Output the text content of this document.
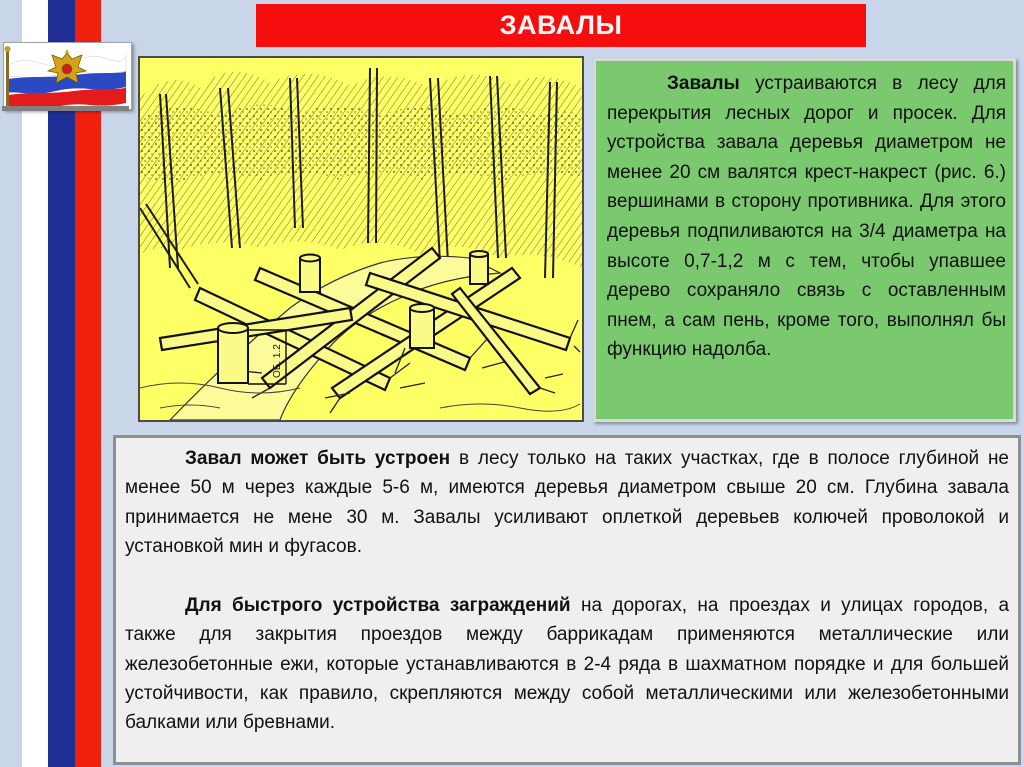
ЗАВАЛЫ
ОБ. 1.2
Завалы устраиваются в лесу для перекрытия лесных дорог и просек. Для устройства завала деревья диаметром не менее 20 см валятся крест-накрест (рис. 6.) вершинами в сторону противника. Для этого деревья подпиливаются на 3/4 диаметра на высоте 0,7-1,2 м с тем, чтобы упавшее дерево сохраняло связь с оставленным пнем, а сам пень, кроме того, выполнял бы функцию надолба.
Завал может быть устроен в лесу только на таких участках, где в полосе глубиной не менее 50 м через каждые 5-6 м, имеются деревья диаметром свыше 20 см. Глубина завала принимается не мене 30 м. Завалы усиливают оплеткой деревьев колючей проволокой и установкой мин и фугасов.
Для быстрого устройства заграждений на дорогах, на проездах и улицах городов, а также для закрытия проездов между баррикадам применяются металлические или железобетонные ежи, которые устанавливаются в 2-4 ряда в шахматном порядке и для большей устойчивости, как правило, скрепляются между собой металлическими или железобетонными балками или бревнами.
